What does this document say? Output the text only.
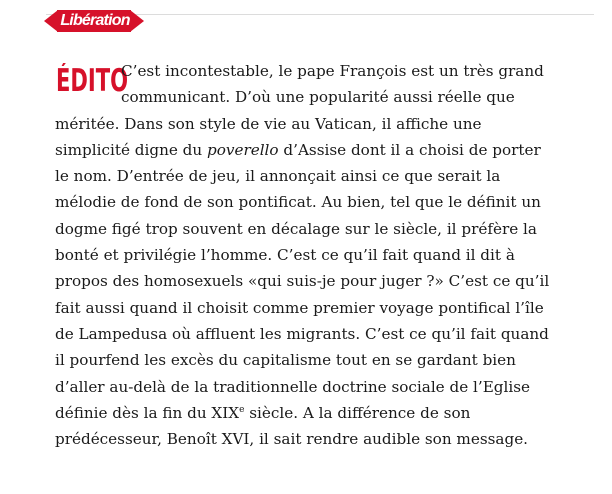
Libération
ÉDITO
C’est incontestable, le pape François est un très grand
communicant. D’où une popularité aussi réelle que
méritée. Dans son style de vie au Vatican, il affiche une
simplicité digne du poverello d’Assise dont il a choisi de porter
le nom. D’entrée de jeu, il annonçait ainsi ce que serait la
mélodie de fond de son pontificat. Au bien, tel que le définit un
dogme figé trop souvent en décalage sur le siècle, il préfère la
bonté et privilégie l’homme. C’est ce qu’il fait quand il dit à
propos des homosexuels «qui suis-je pour juger ?» C’est ce qu’il
fait aussi quand il choisit comme premier voyage pontifical l’île
de Lampedusa où affluent les migrants. C’est ce qu’il fait quand
il pourfend les excès du capitalisme tout en se gardant bien
d’aller au-delà de la traditionnelle doctrine sociale de l’Eglise
définie dès la fin du XIXe siècle. A la différence de son
prédécesseur, Benoît XVI, il sait rendre audible son message.
